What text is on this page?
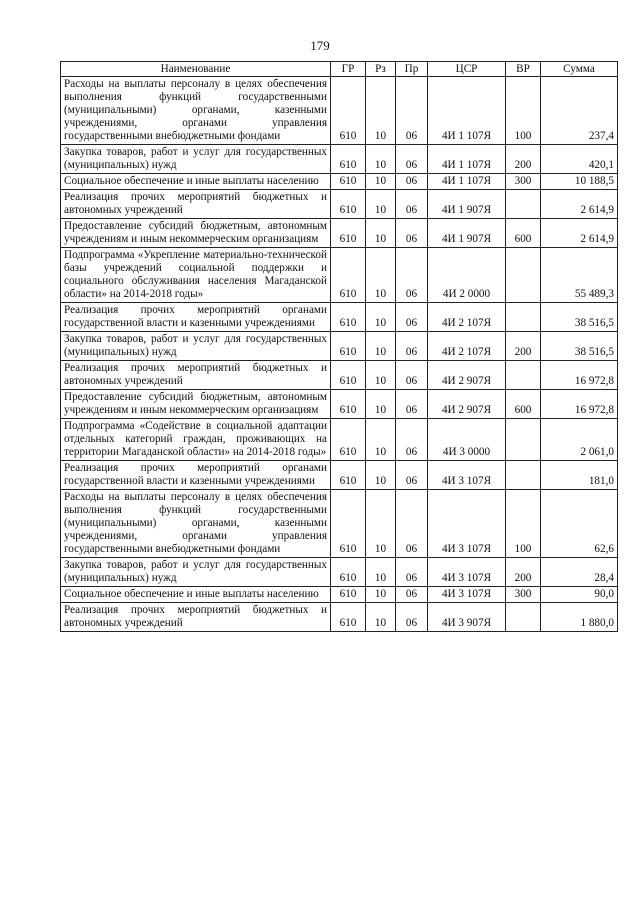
179
Наименование	ГР	Рз	Пр	ЦСР	ВР	Сумма
Расходы на выплаты персоналу в целях обеспечения выполнения функций государственными (муниципальными) органами, казенными учреждениями, органами управления государственными внебюджетными фондами	610	10	06	4И 1 107Я	100	237,4
Закупка товаров, работ и услуг для государственных (муниципальных) нужд	610	10	06	4И 1 107Я	200	420,1
Социальное обеспечение и иные выплаты населению	610	10	06	4И 1 107Я	300	10 188,5
Реализация прочих мероприятий бюджетных и автономных учреждений	610	10	06	4И 1 907Я		2 614,9
Предоставление субсидий бюджетным, автономным учреждениям и иным некоммерческим организациям	610	10	06	4И 1 907Я	600	2 614,9
Подпрограмма «Укрепление материально-технической базы учреждений социальной поддержки и социального обслуживания населения Магаданской области» на 2014-2018 годы»	610	10	06	4И 2 0000		55 489,3
Реализация прочих мероприятий органами государственной власти и казенными учреждениями	610	10	06	4И 2 107Я		38 516,5
Закупка товаров, работ и услуг для государственных (муниципальных) нужд	610	10	06	4И 2 107Я	200	38 516,5
Реализация прочих мероприятий бюджетных и автономных учреждений	610	10	06	4И 2 907Я		16 972,8
Предоставление субсидий бюджетным, автономным учреждениям и иным некоммерческим организациям	610	10	06	4И 2 907Я	600	16 972,8
Подпрограмма «Содействие в социальной адаптации отдельных категорий граждан, проживающих на территории Магаданской области» на 2014-2018 годы»	610	10	06	4И 3 0000		2 061,0
Реализация прочих мероприятий органами государственной власти и казенными учреждениями	610	10	06	4И 3 107Я		181,0
Расходы на выплаты персоналу в целях обеспечения выполнения функций государственными (муниципальными) органами, казенными учреждениями, органами управления государственными внебюджетными фондами	610	10	06	4И 3 107Я	100	62,6
Закупка товаров, работ и услуг для государственных (муниципальных) нужд	610	10	06	4И 3 107Я	200	28,4
Социальное обеспечение и иные выплаты населению	610	10	06	4И 3 107Я	300	90,0
Реализация прочих мероприятий бюджетных и автономных учреждений	610	10	06	4И 3 907Я		1 880,0
